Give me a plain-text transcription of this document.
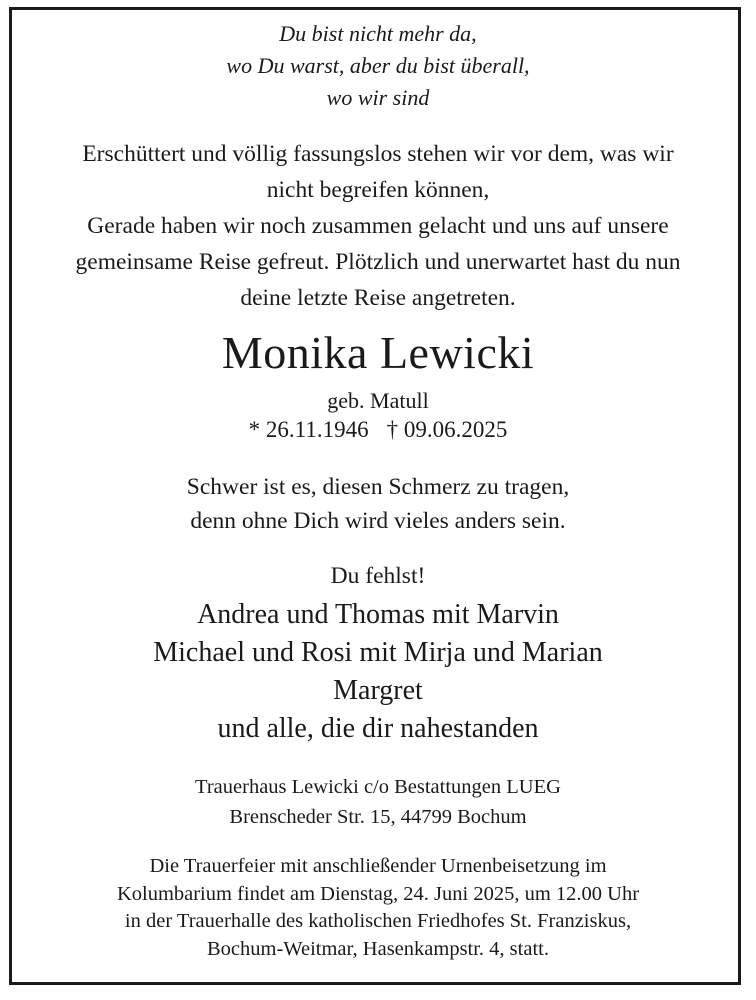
Du bist nicht mehr da,
wo Du warst, aber du bist überall,
wo wir sind
Erschüttert und völlig fassungslos stehen wir vor dem, was wir
nicht begreifen können,
Gerade haben wir noch zusammen gelacht und uns auf unsere
gemeinsame Reise gefreut. Plötzlich und unerwartet hast du nun
deine letzte Reise angetreten.
Monika Lewicki
geb. Matull
* 26.11.1946 † 09.06.2025
Schwer ist es, diesen Schmerz zu tragen,
denn ohne Dich wird vieles anders sein.
Du fehlst!
Andrea und Thomas mit Marvin
Michael und Rosi mit Mirja und Marian
Margret
und alle, die dir nahestanden
Trauerhaus Lewicki c/o Bestattungen LUEG
Brenscheder Str. 15, 44799 Bochum
Die Trauerfeier mit anschließender Urnenbeisetzung im
Kolumbarium findet am Dienstag, 24. Juni 2025, um 12.00 Uhr
in der Trauerhalle des katholischen Friedhofes St. Franziskus,
Bochum-Weitmar, Hasenkampstr. 4, statt.
